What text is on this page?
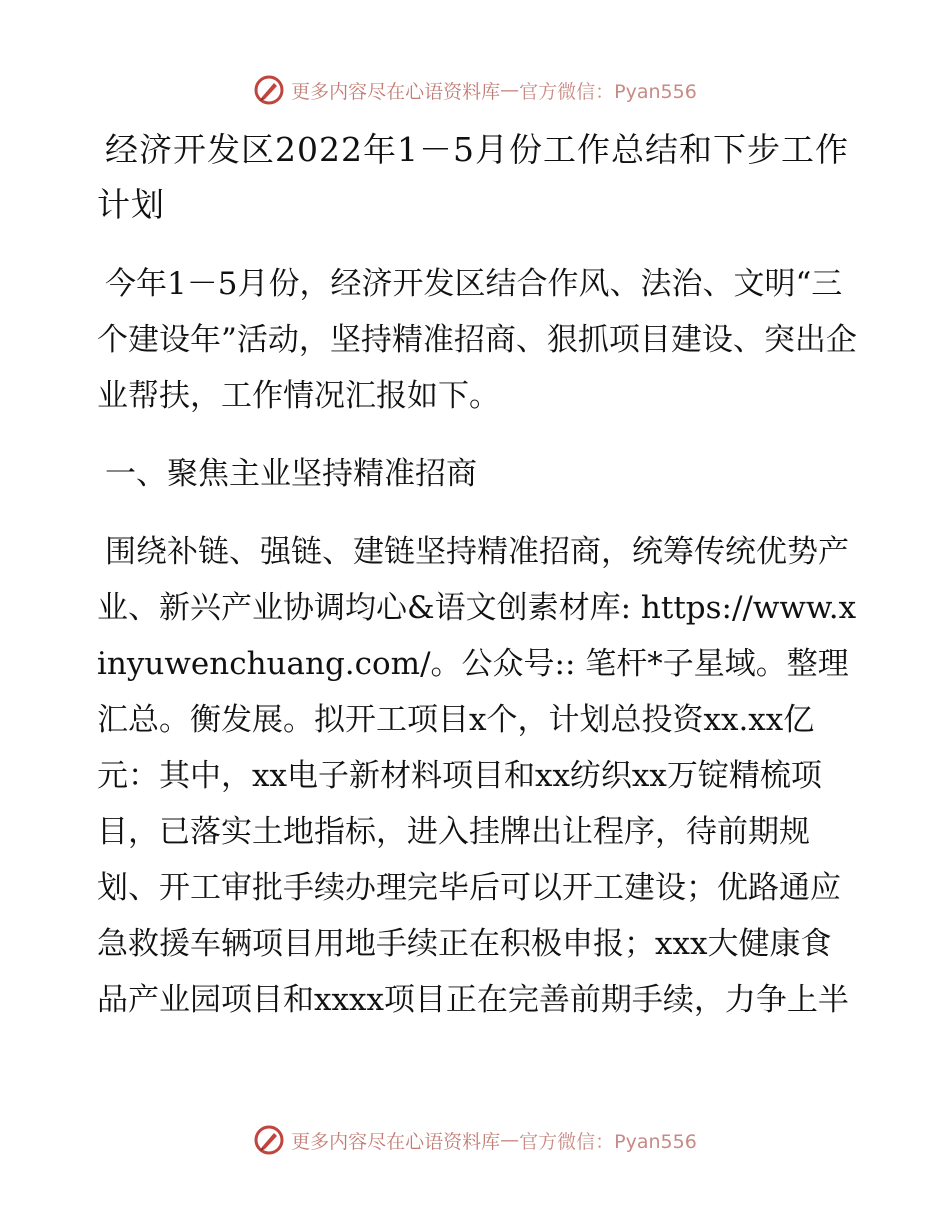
更多内容尽在心语资料库 — 官方微信：Pyan556
经济开发区2022年1－5月份工作总结和下步工作计划

今年1－5月份，经济开发区结合作风、法治、文明“三个建设年”活动，坚持精准招商、狠抓项目建设、突出企业帮扶，工作情况汇报如下。

一、聚焦主业坚持精准招商

围绕补链、强链、建链坚持精准招商，统筹传统优势产业、新兴产业协调均心&语文创素材库: https://www.xinyuwenchuang.com/。公众号:: 笔杆*子星域。整理汇总。衡发展。拟开工项目x个，计划总投资xx.xx亿元：其中，xx电子新材料项目和xx纺织xx万锭精梳项目，已落实土地指标，进入挂牌出让程序，待前期规划、开工审批手续办理完毕后可以开工建设；优路通应急救援车辆项目用地手续正在积极申报；xxx大健康食品产业园项目和xxxx项目正在完善前期手续，力争上半

更多内容尽在心语资料库 — 官方微信：Pyan556
